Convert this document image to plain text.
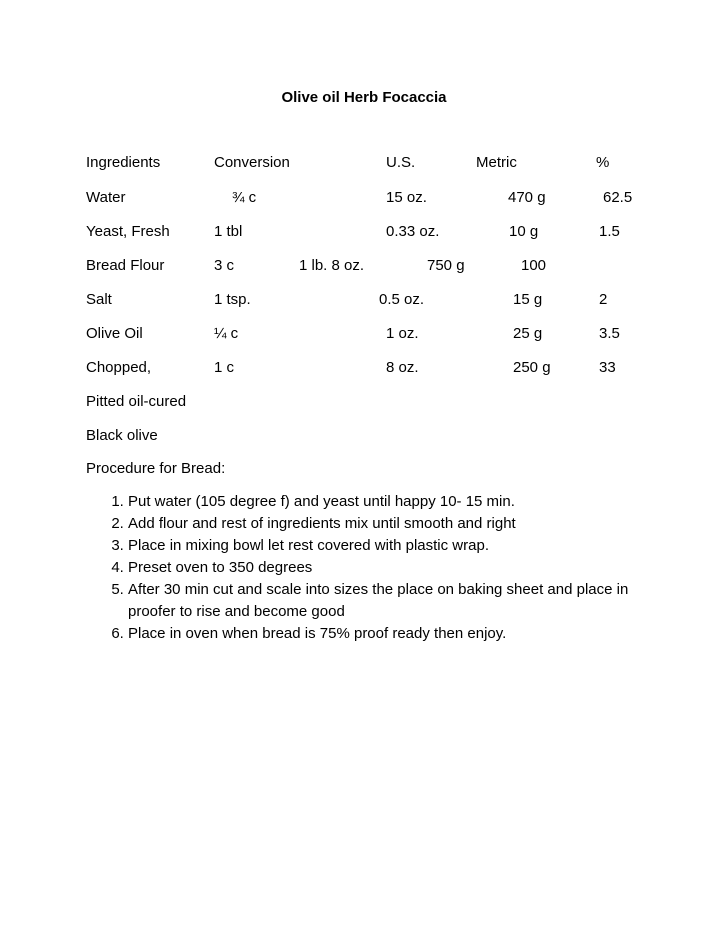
Olive oil Herb Focaccia
Ingredients	Conversion	U.S.	Metric	%
Water	¾ c	15 oz.	470 g	62.5
Yeast, Fresh	1 tbl	0.33 oz.	10 g	1.5
Bread Flour	3 c	1 lb. 8 oz.	750 g	100
Salt	1 tsp.	0.5 oz.	15 g	2
Olive Oil	¼ c	1 oz.	25 g	3.5
Chopped,	1 c	8 oz.	250 g	33
Pitted oil-cured
Black olive
Procedure for Bread:
1. Put water (105 degree f) and yeast until happy 10- 15 min.
2. Add flour and rest of ingredients mix until smooth and right
3. Place in mixing bowl let rest covered with plastic wrap.
4. Preset oven to 350 degrees
5. After 30 min cut and scale into sizes the place on baking sheet and place in proofer to rise and become good
6. Place in oven when bread is 75% proof ready then enjoy.
